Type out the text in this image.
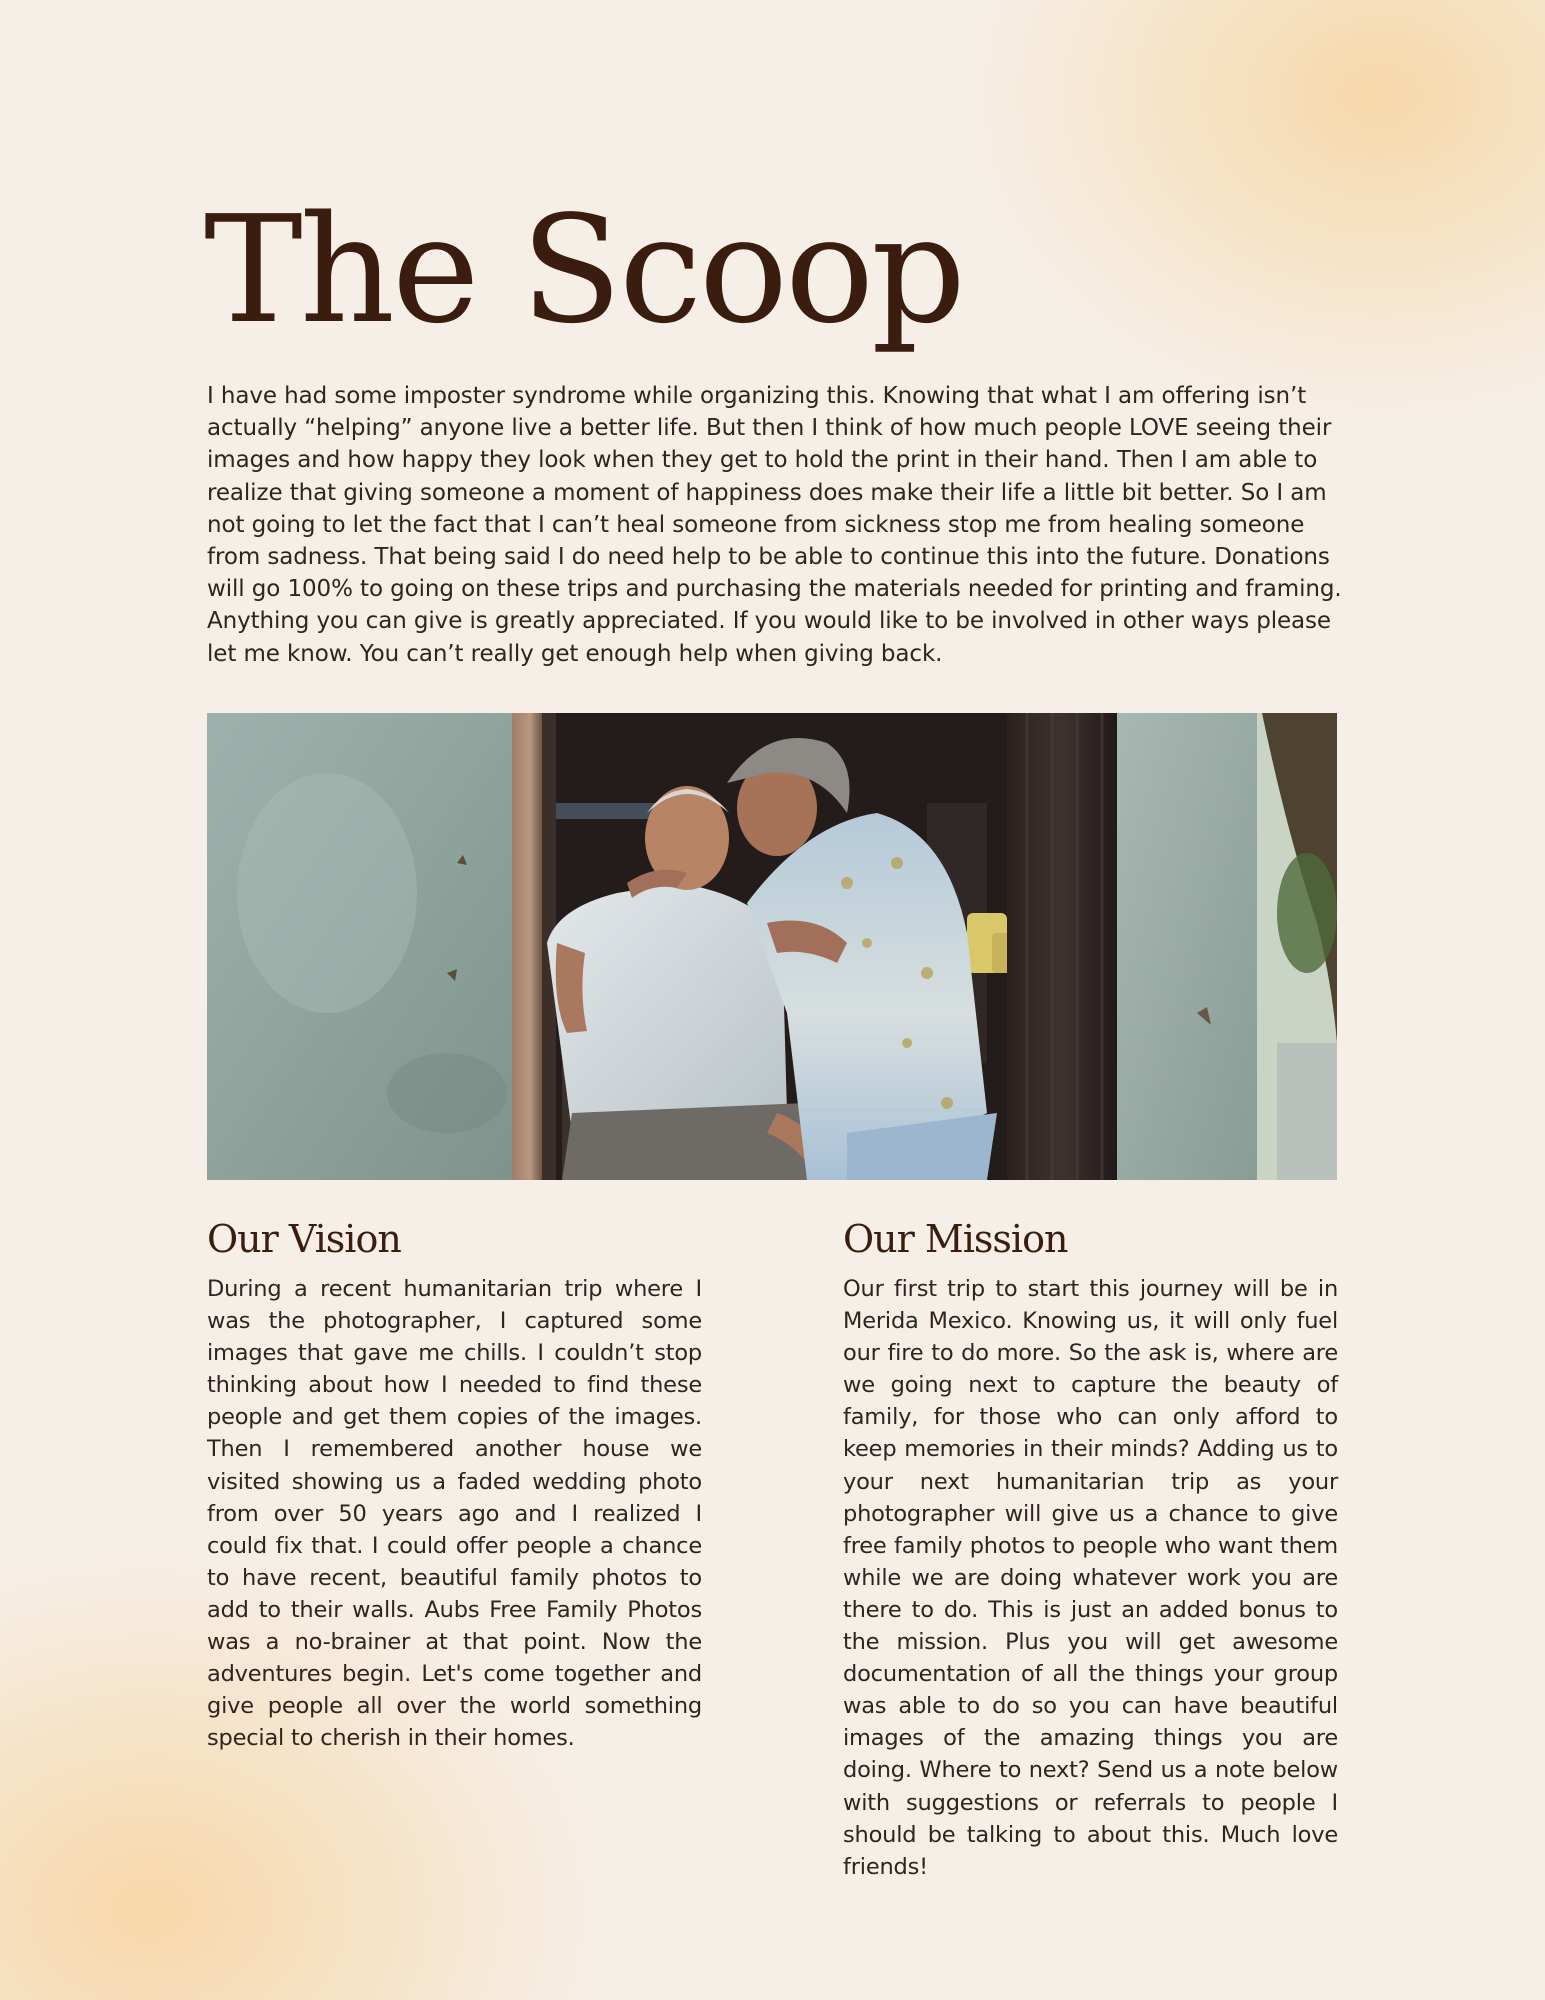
The Scoop

I have had some imposter syndrome while organizing this. Knowing that what I am offering isn’t actually “helping” anyone live a better life. But then I think of how much people LOVE seeing their images and how happy they look when they get to hold the print in their hand. Then I am able to realize that giving someone a moment of happiness does make their life a little bit better. So I am not going to let the fact that I can’t heal someone from sickness stop me from healing someone from sadness. That being said I do need help to be able to continue this into the future. Donations will go 100% to going on these trips and purchasing the materials needed for printing and framing. Anything you can give is greatly appreciated. If you would like to be involved in other ways please let me know. You can’t really get enough help when giving back.

Our Vision

During a recent humanitarian trip where I was the photographer, I captured some images that gave me chills. I couldn’t stop thinking about how I needed to find these people and get them copies of the images. Then I remembered another house we visited showing us a faded wedding photo from over 50 years ago and I realized I could fix that. I could offer people a chance to have recent, beautiful family photos to add to their walls. Aubs Free Family Photos was a no-brainer at that point. Now the adventures begin. Let's come together and give people all over the world something special to cherish in their homes.

Our Mission

Our first trip to start this journey will be in Merida Mexico. Knowing us, it will only fuel our fire to do more. So the ask is, where are we going next to capture the beauty of family, for those who can only afford to keep memories in their minds? Adding us to your next humanitarian trip as your photographer will give us a chance to give free family photos to people who want them while we are doing whatever work you are there to do. This is just an added bonus to the mission. Plus you will get awesome documentation of all the things your group was able to do so you can have beautiful images of the amazing things you are doing. Where to next? Send us a note below with suggestions or referrals to people I should be talking to about this. Much love friends!
